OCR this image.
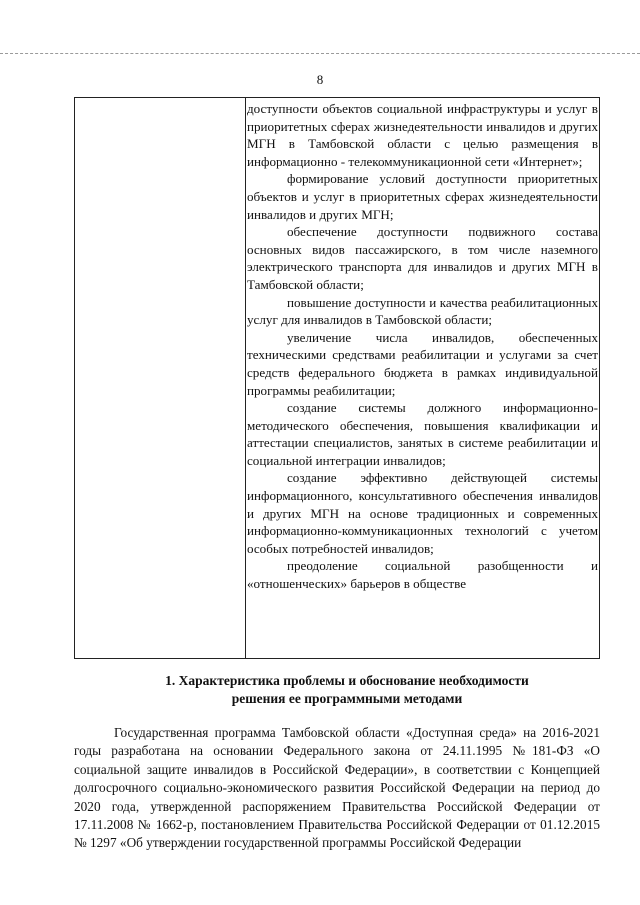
8

доступности объектов социальной инфраструктуры и услуг в приоритетных сферах жизнедеятельности инвалидов и других МГН в Тамбовской области с целью размещения в информационно - телекоммуникационной сети «Интернет»;

формирование условий доступности приоритетных объектов и услуг в приоритетных сферах жизнедеятельности инвалидов и других МГН;

обеспечение доступности подвижного состава основных видов пассажирского, в том числе наземного электрического транспорта для инвалидов и других МГН в Тамбовской области;

повышение доступности и качества реабилитационных услуг для инвалидов в Тамбовской области;

увеличение числа инвалидов, обеспеченных техническими средствами реабилитации и услугами за счет средств федерального бюджета в рамках индивидуальной программы реабилитации;

создание системы должного информационно-методического обеспечения, повышения квалификации и аттестации специалистов, занятых в системе реабилитации и социальной интеграции инвалидов;

создание эффективно действующей системы информационного, консультативного обеспечения инвалидов и других МГН на основе традиционных и современных информационно-коммуникационных технологий с учетом особых потребностей инвалидов;

преодоление социальной разобщенности и «отношенческих» барьеров в обществе

1. Характеристика проблемы и обоснование необходимости
решения ее программными методами

Государственная программа Тамбовской области «Доступная среда» на 2016-2021 годы разработана на основании Федерального закона от 24.11.1995 №181-ФЗ «О социальной защите инвалидов в Российской Федерации», в соответствии с Концепцией долгосрочного социально-экономического развития Российской Федерации на период до 2020 года, утвержденной распоряжением Правительства Российской Федерации от 17.11.2008 № 1662-р, постановлением Правительства Российской Федерации от 01.12.2015 № 1297 «Об утверждении государственной программы Российской Федерации
